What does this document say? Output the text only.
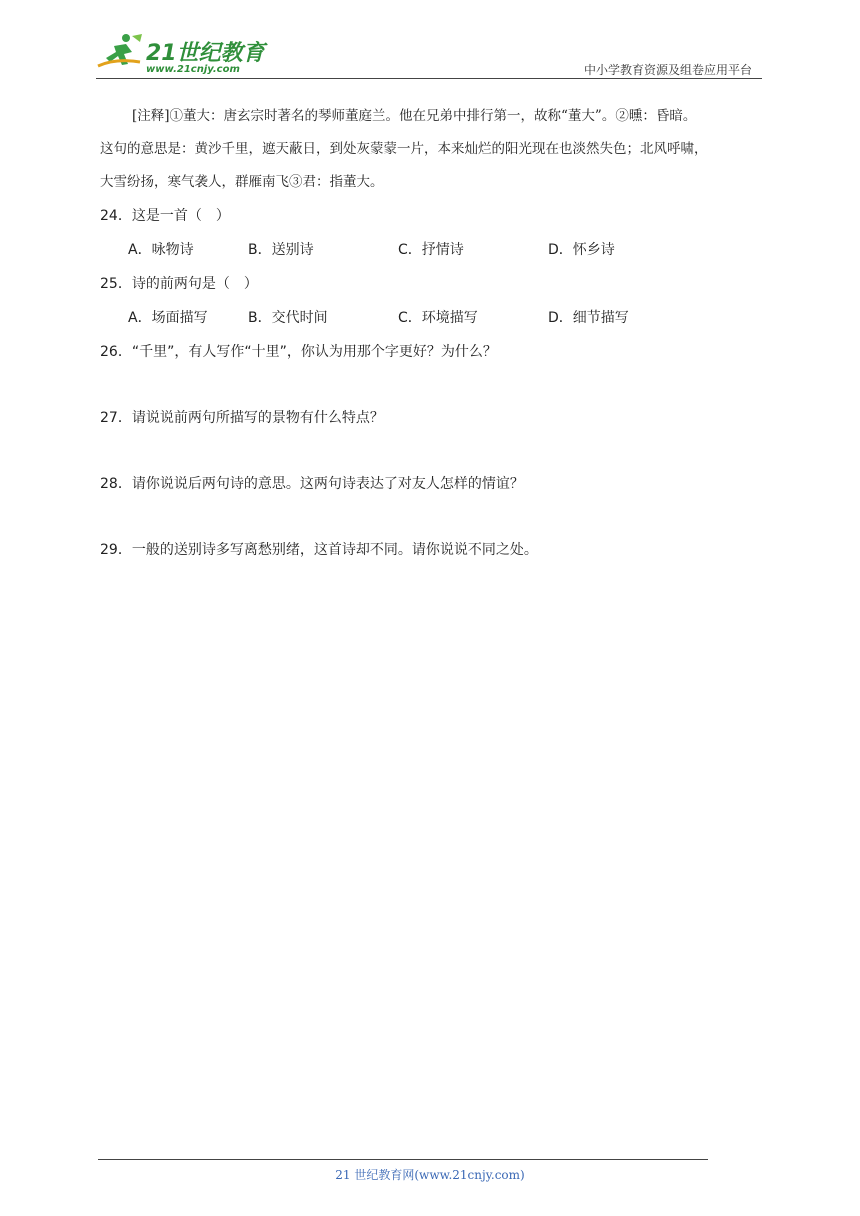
21世纪教育
www.21cnjy.com	中小学教育资源及组卷应用平台
[注释]①董大：唐玄宗时著名的琴师董庭兰。他在兄弟中排行第一，故称“董大”。②曛：昏暗。
这句的意思是：黄沙千里，遮天蔽日，到处灰蒙蒙一片，本来灿烂的阳光现在也淡然失色；北风呼啸，
大雪纷扬，寒气袭人，群雁南飞③君：指董大。
24．这是一首（　）
A．咏物诗	B．送别诗	C．抒情诗	D．怀乡诗
25．诗的前两句是（　）
A．场面描写	B．交代时间	C．环境描写	D．细节描写
26．“千里”，有人写作“十里”，你认为用那个字更好？为什么？
27．请说说前两句所描写的景物有什么特点？
28．请你说说后两句诗的意思。这两句诗表达了对友人怎样的情谊？
29．一般的送别诗多写离愁别绪，这首诗却不同。请你说说不同之处。
21 世纪教育网(www.21cnjy.com)
